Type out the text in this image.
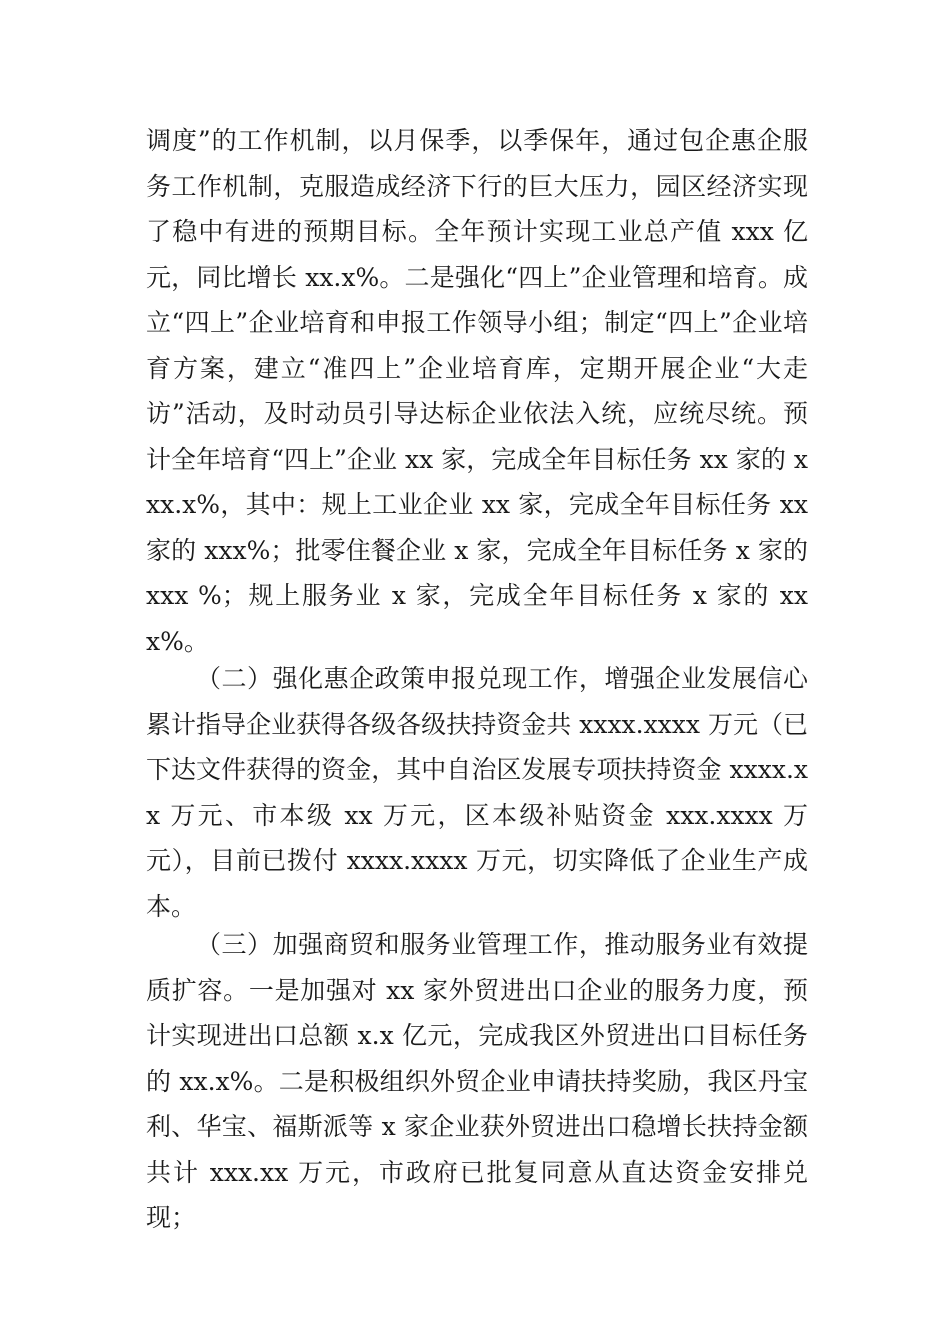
调度”的工作机制，以月保季，以季保年，通过包企惠企服务工作机制，克服造成经济下行的巨大压力，园区经济实现了稳中有进的预期目标。全年预计实现工业总产值 xxx 亿元，同比增长 xx.x%。二是强化“四上”企业管理和培育。成立“四上”企业培育和申报工作领导小组；制定“四上”企业培育方案，建立“准四上”企业培育库，定期开展企业“大走访”活动，及时动员引导达标企业依法入统，应统尽统。预计全年培育“四上”企业 xx 家，完成全年目标任务 xx 家的 xxx.x%，其中：规上工业企业 xx 家，完成全年目标任务 xx 家的 xxx%；批零住餐企业 x 家，完成全年目标任务 x 家的 xxx %；规上服务业 x 家，完成全年目标任务 x 家的 xxx%。

（二）强化惠企政策申报兑现工作，增强企业发展信心累计指导企业获得各级各级扶持资金共 xxxx.xxxx 万元（已下达文件获得的资金，其中自治区发展专项扶持资金 xxxx.xx 万元、市本级 xx 万元，区本级补贴资金 xxx.xxxx 万元），目前已拨付 xxxx.xxxx 万元，切实降低了企业生产成本。

（三）加强商贸和服务业管理工作，推动服务业有效提质扩容。一是加强对 xx 家外贸进出口企业的服务力度，预计实现进出口总额 x.x 亿元，完成我区外贸进出口目标任务的 xx.x%。二是积极组织外贸企业申请扶持奖励，我区丹宝利、华宝、福斯派等 x 家企业获外贸进出口稳增长扶持金额共计 xxx.xx 万元，市政府已批复同意从直达资金安排兑现；
